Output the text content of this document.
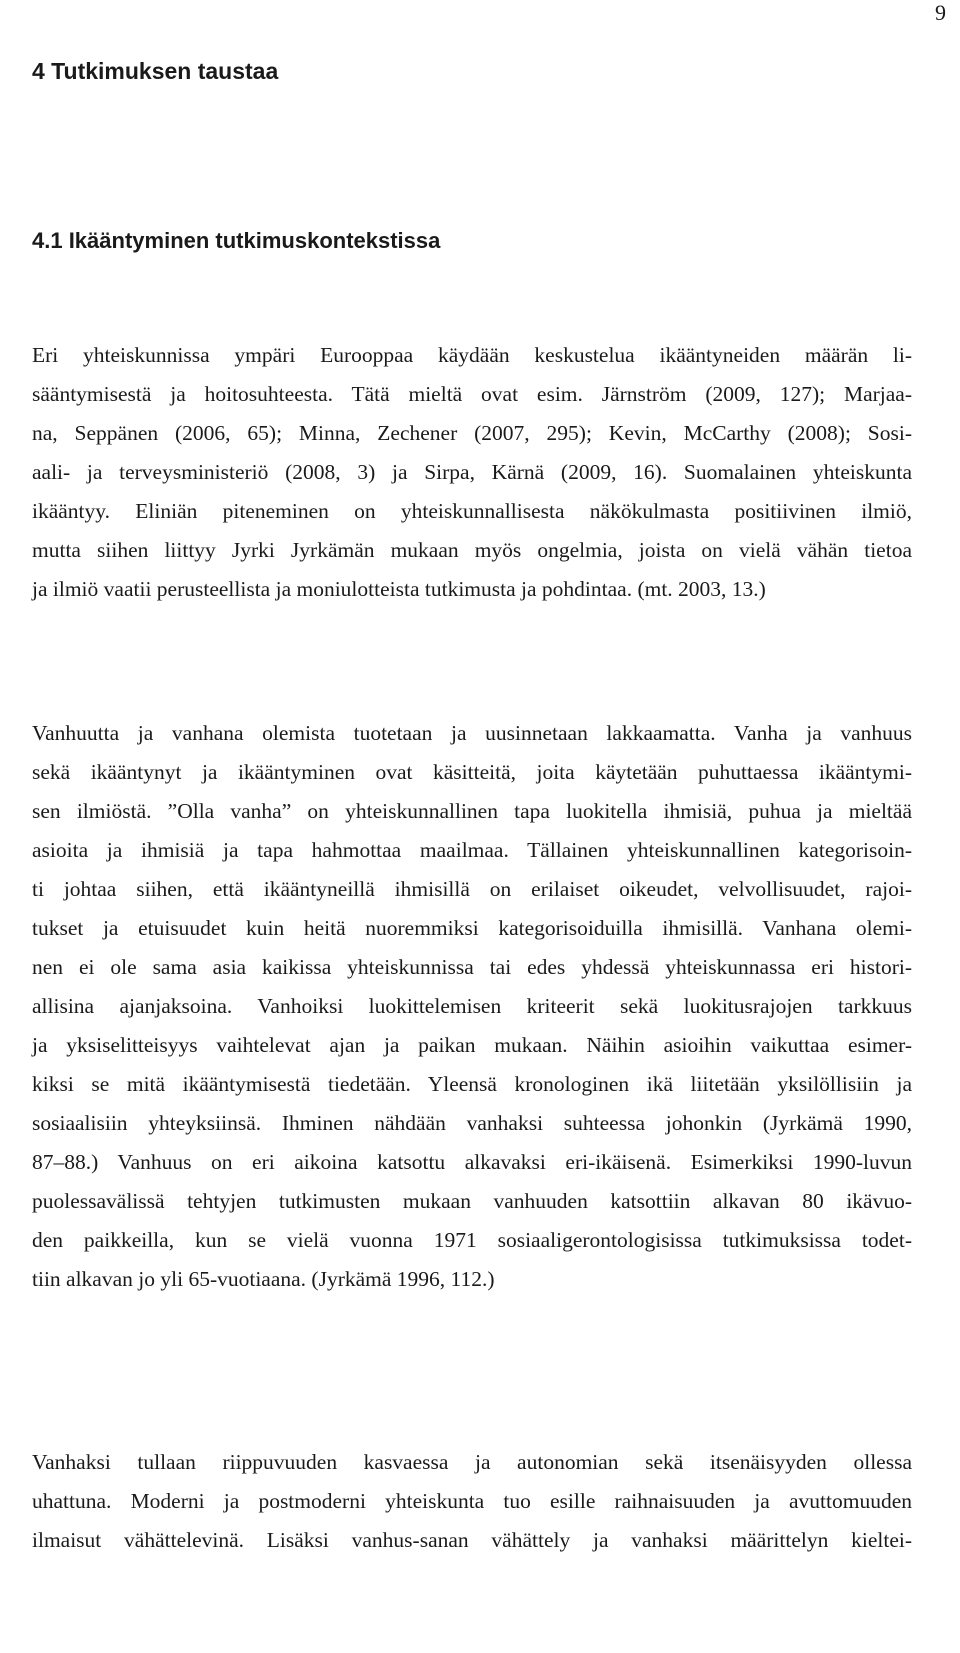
9
4 Tutkimuksen taustaa
4.1 Ikääntyminen tutkimuskontekstissa

Eri yhteiskunnissa ympäri Eurooppaa käydään keskustelua ikääntyneiden määrän li-
sääntymisestä ja hoitosuhteesta. Tätä mieltä ovat esim. Järnström (2009, 127); Marjaa-
na, Seppänen (2006, 65); Minna, Zechener (2007, 295); Kevin, McCarthy (2008); Sosi-
aali- ja terveysministeriö (2008, 3) ja Sirpa, Kärnä (2009, 16). Suomalainen yhteiskunta
ikääntyy. Eliniän piteneminen on yhteiskunnallisesta näkökulmasta positiivinen ilmiö,
mutta siihen liittyy Jyrki Jyrkämän mukaan myös ongelmia, joista on vielä vähän tietoa
ja ilmiö vaatii perusteellista ja moniulotteista tutkimusta ja pohdintaa. (mt. 2003, 13.)

Vanhuutta ja vanhana olemista tuotetaan ja uusinnetaan lakkaamatta. Vanha ja vanhuus
sekä ikääntynyt ja ikääntyminen ovat käsitteitä, joita käytetään puhuttaessa ikääntymi-
sen ilmiöstä. ”Olla vanha” on yhteiskunnallinen tapa luokitella ihmisiä, puhua ja mieltää
asioita ja ihmisiä ja tapa hahmottaa maailmaa. Tällainen yhteiskunnallinen kategorisoin-
ti johtaa siihen, että ikääntyneillä ihmisillä on erilaiset oikeudet, velvollisuudet, rajoi-
tukset ja etuisuudet kuin heitä nuoremmiksi kategorisoiduilla ihmisillä. Vanhana olemi-
nen ei ole sama asia kaikissa yhteiskunnissa tai edes yhdessä yhteiskunnassa eri histori-
allisina ajanjaksoina. Vanhoiksi luokittelemisen kriteerit sekä luokitusrajojen tarkkuus
ja yksiselitteisyys vaihtelevat ajan ja paikan mukaan. Näihin asioihin vaikuttaa esimer-
kiksi se mitä ikääntymisestä tiedetään. Yleensä kronologinen ikä liitetään yksilöllisiin ja
sosiaalisiin yhteyksiinsä. Ihminen nähdään vanhaksi suhteessa johonkin (Jyrkämä 1990,
87–88.) Vanhuus on eri aikoina katsottu alkavaksi eri-ikäisenä. Esimerkiksi 1990-luvun
puolessavälissä tehtyjen tutkimusten mukaan vanhuuden katsottiin alkavan 80 ikävuo-
den paikkeilla, kun se vielä vuonna 1971 sosiaaligerontologisissa tutkimuksissa todet-
tiin alkavan jo yli 65-vuotiaana. (Jyrkämä 1996, 112.)

Vanhaksi tullaan riippuvuuden kasvaessa ja autonomian sekä itsenäisyyden ollessa
uhattuna. Moderni ja postmoderni yhteiskunta tuo esille raihnaisuuden ja avuttomuuden
ilmaisut vähättelevinä. Lisäksi vanhus-sanan vähättely ja vanhaksi määrittelyn kieltei-
